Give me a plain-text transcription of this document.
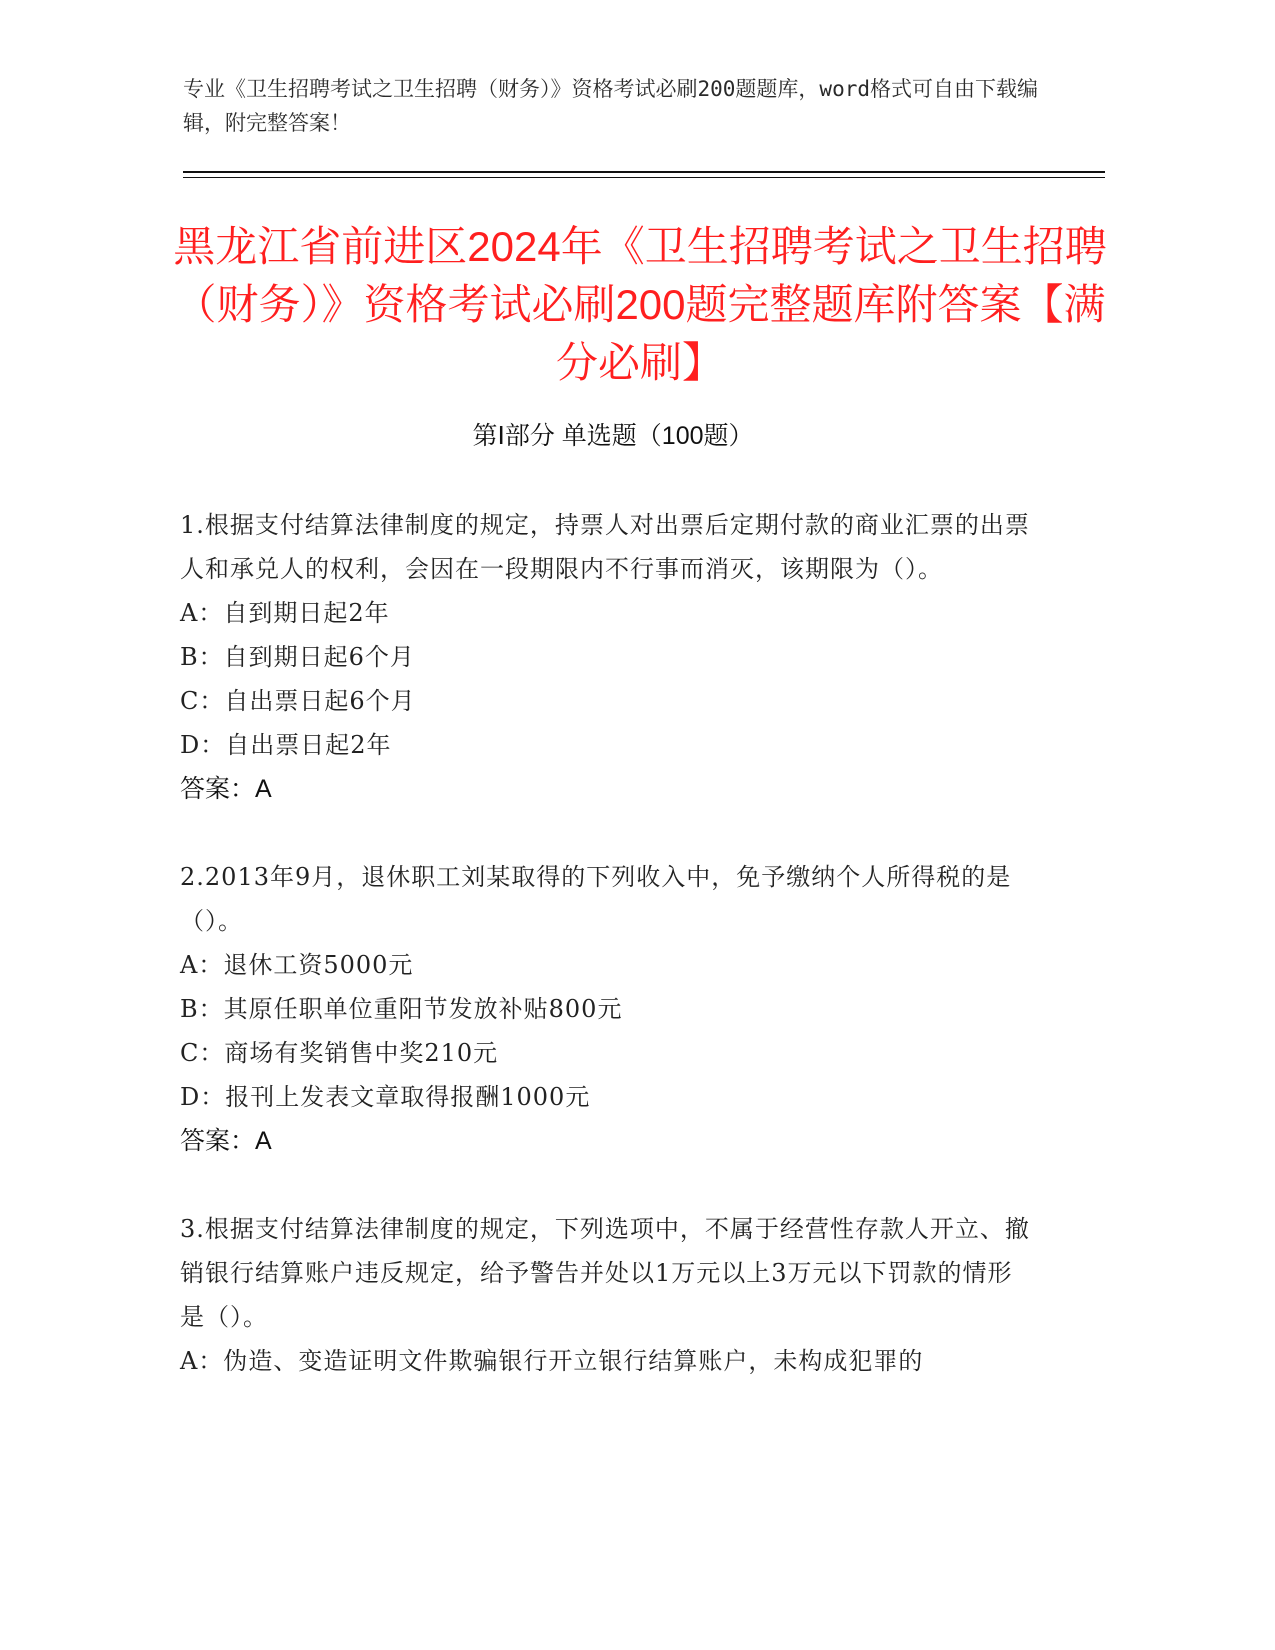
专业《卫生招聘考试之卫生招聘（财务）》资格考试必刷200题题库，word格式可自由下载编辑，附完整答案！
黑龙江省前进区2024年《卫生招聘考试之卫生招聘（财务）》资格考试必刷200题完整题库附答案【满分必刷】
第Ⅰ部分 单选题（100题）

1.根据支付结算法律制度的规定，持票人对出票后定期付款的商业汇票的出票人和承兑人的权利，会因在一段期限内不行事而消灭，该期限为（）。

A：自到期日起2年

B：自到期日起6个月

C：自出票日起6个月

D：自出票日起2年

答案：A

2.2013年9月，退休职工刘某取得的下列收入中，免予缴纳个人所得税的是（）。

A：退休工资5000元

B：其原任职单位重阳节发放补贴800元

C：商场有奖销售中奖210元

D：报刊上发表文章取得报酬1000元

答案：A

3.根据支付结算法律制度的规定，下列选项中，不属于经营性存款人开立、撤销银行结算账户违反规定，给予警告并处以1万元以上3万元以下罚款的情形是（）。

A：伪造、变造证明文件欺骗银行开立银行结算账户，未构成犯罪的
